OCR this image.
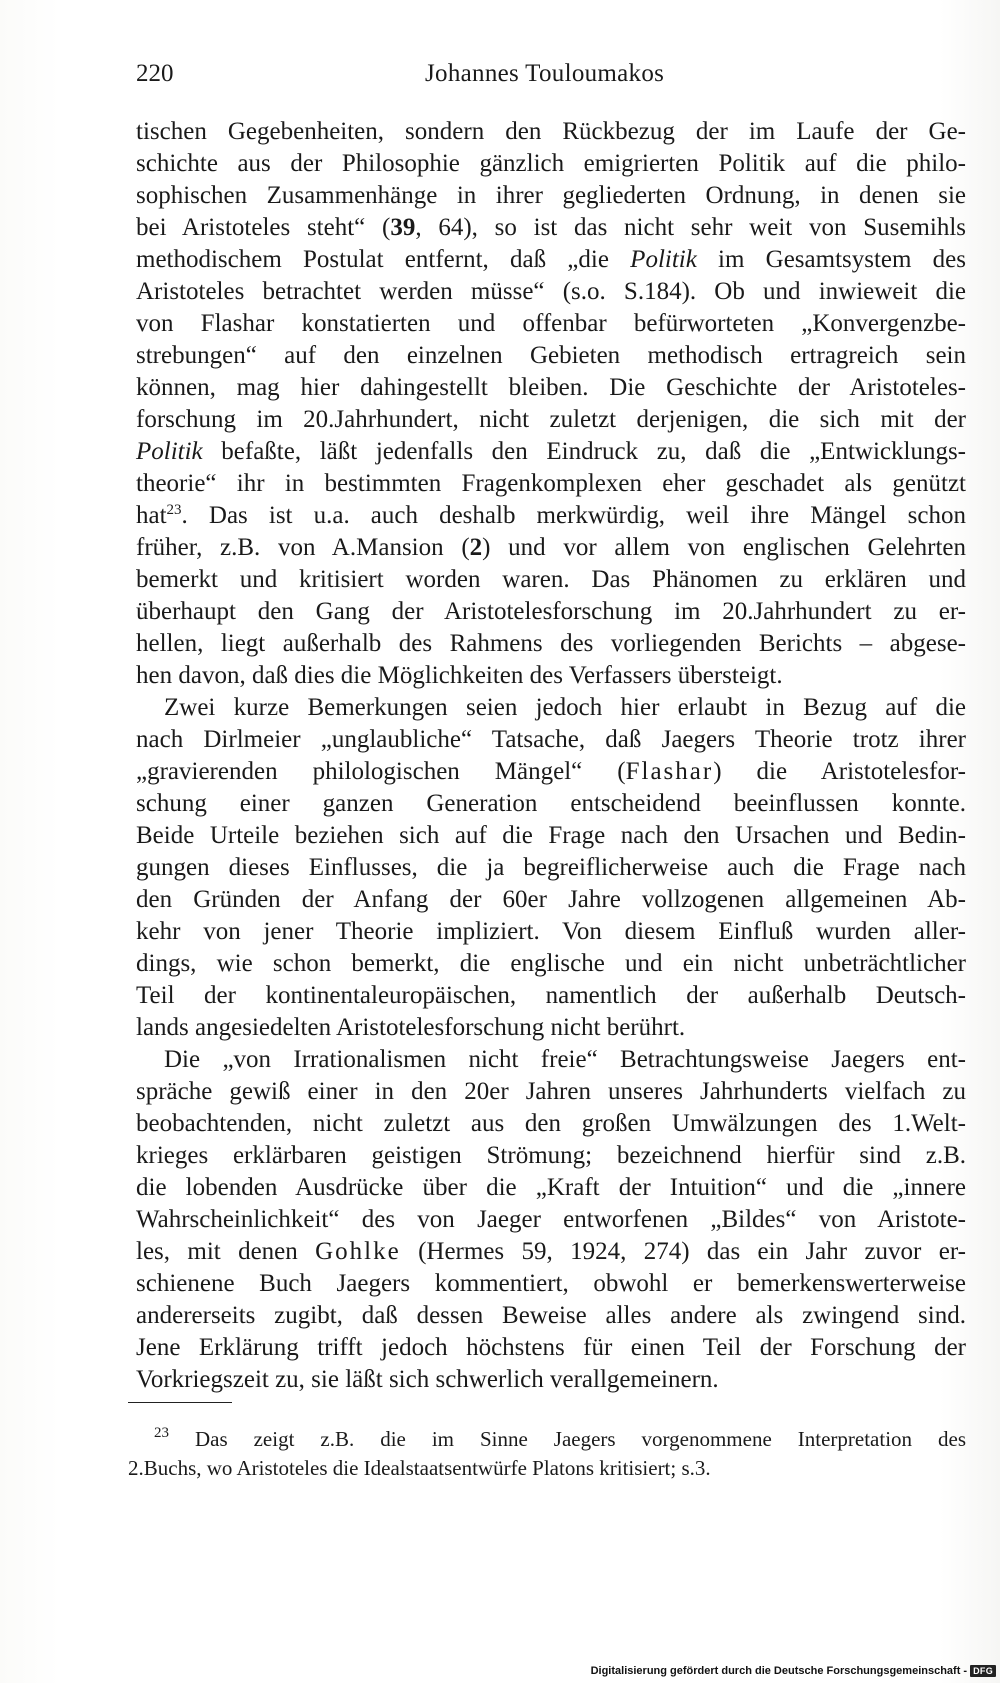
220	Johannes Touloumakos
tischen Gegebenheiten, sondern den Rückbezug der im Laufe der Ge-
schichte aus der Philosophie gänzlich emigrierten Politik auf die philo-
sophischen Zusammenhänge in ihrer gegliederten Ordnung, in denen sie
bei Aristoteles steht“ (39, 64), so ist das nicht sehr weit von Susemihls
methodischem Postulat entfernt, daß „die Politik im Gesamtsystem des
Aristoteles betrachtet werden müsse“ (s.o. S.184). Ob und inwieweit die
von Flashar konstatierten und offenbar befürworteten „Konvergenzbe-
strebungen“ auf den einzelnen Gebieten methodisch ertragreich sein
können, mag hier dahingestellt bleiben. Die Geschichte der Aristoteles-
forschung im 20.Jahrhundert, nicht zuletzt derjenigen, die sich mit der
Politik befaßte, läßt jedenfalls den Eindruck zu, daß die „Entwicklungs-
theorie“ ihr in bestimmten Fragenkomplexen eher geschadet als genützt
hat$^{23}$. Das ist u.a. auch deshalb merkwürdig, weil ihre Mängel schon
früher, z.B. von A.Mansion (2) und vor allem von englischen Gelehrten
bemerkt und kritisiert worden waren. Das Phänomen zu erklären und
überhaupt den Gang der Aristotelesforschung im 20.Jahrhundert zu er-
hellen, liegt außerhalb des Rahmens des vorliegenden Berichts – abgese-
hen davon, daß dies die Möglichkeiten des Verfassers übersteigt.
Zwei kurze Bemerkungen seien jedoch hier erlaubt in Bezug auf die
nach Dirlmeier „unglaubliche“ Tatsache, daß Jaegers Theorie trotz ihrer
„gravierenden philologischen Mängel“ (Flashar) die Aristotelesfor-
schung einer ganzen Generation entscheidend beeinflussen konnte.
Beide Urteile beziehen sich auf die Frage nach den Ursachen und Bedin-
gungen dieses Einflusses, die ja begreiflicherweise auch die Frage nach
den Gründen der Anfang der 60er Jahre vollzogenen allgemeinen Ab-
kehr von jener Theorie impliziert. Von diesem Einfluß wurden aller-
dings, wie schon bemerkt, die englische und ein nicht unbeträchtlicher
Teil der kontinentaleuropäischen, namentlich der außerhalb Deutsch-
lands angesiedelten Aristotelesforschung nicht berührt.
Die „von Irrationalismen nicht freie“ Betrachtungsweise Jaegers ent-
spräche gewiß einer in den 20er Jahren unseres Jahrhunderts vielfach zu
beobachtenden, nicht zuletzt aus den großen Umwälzungen des 1.Welt-
krieges erklärbaren geistigen Strömung; bezeichnend hierfür sind z.B.
die lobenden Ausdrücke über die „Kraft der Intuition“ und die „innere
Wahrscheinlichkeit“ des von Jaeger entworfenen „Bildes“ von Aristote-
les, mit denen Gohlke (Hermes 59, 1924, 274) das ein Jahr zuvor er-
schienene Buch Jaegers kommentiert, obwohl er bemerkenswerterweise
andererseits zugibt, daß dessen Beweise alles andere als zwingend sind.
Jene Erklärung trifft jedoch höchstens für einen Teil der Forschung der
Vorkriegszeit zu, sie läßt sich schwerlich verallgemeinern.
$^{23}$ Das zeigt z.B. die im Sinne Jaegers vorgenommene Interpretation des
2.Buchs, wo Aristoteles die Idealstaatsentwürfe Platons kritisiert; s.3.
Digitalisierung gefördert durch die Deutsche Forschungsgemeinschaft - DFG
